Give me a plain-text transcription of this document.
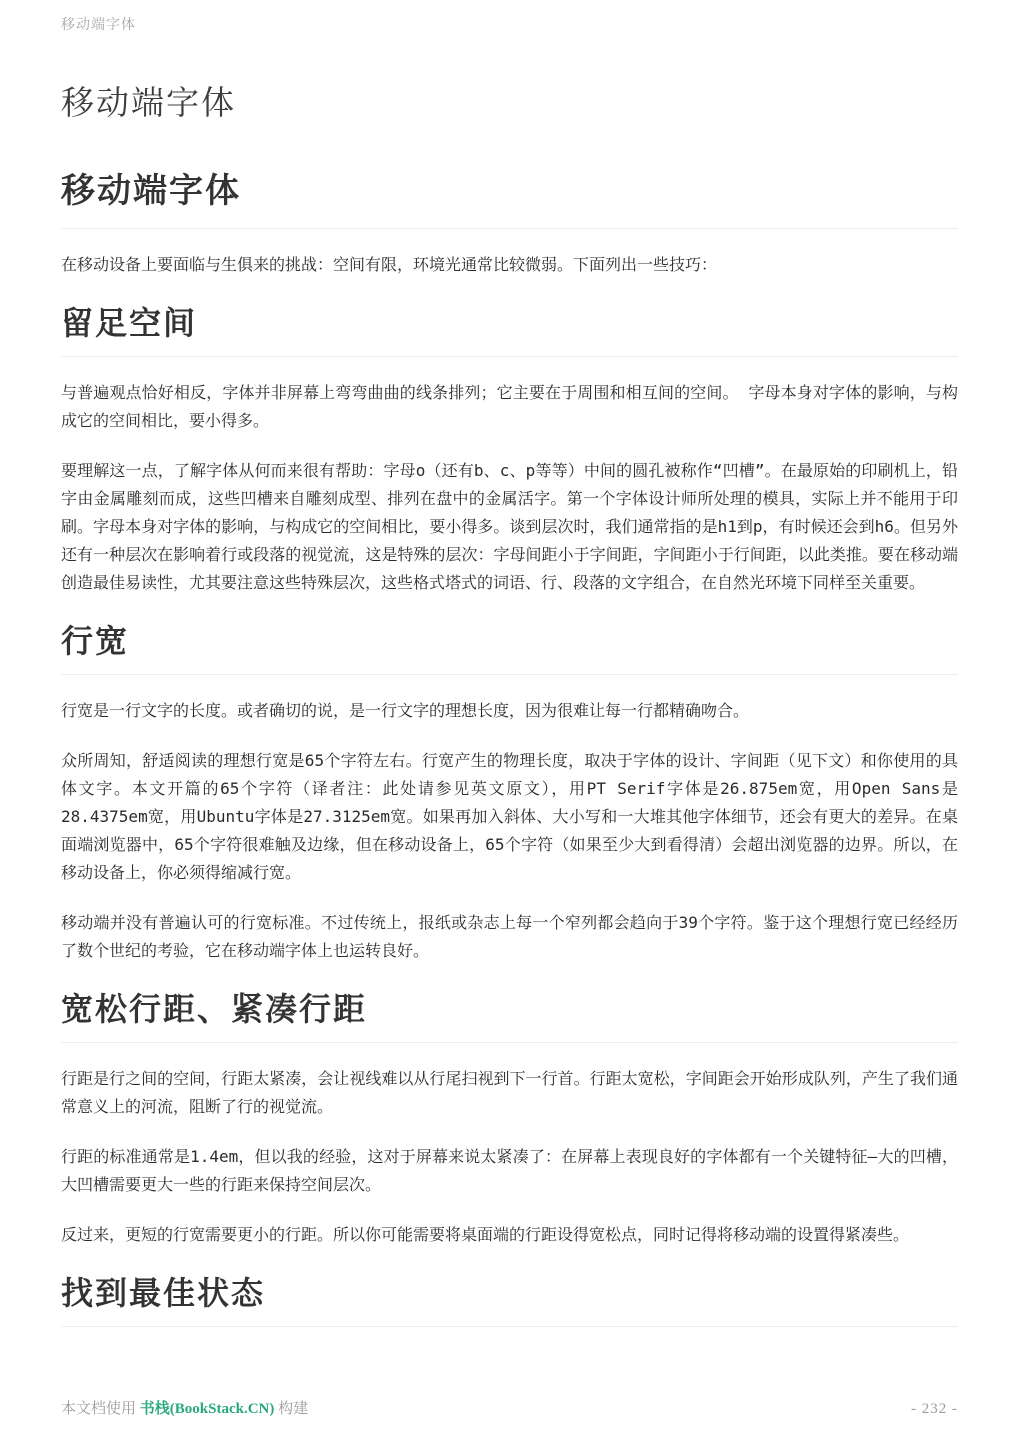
移动端字体
移动端字体
移动端字体
在移动设备上要面临与生俱来的挑战：空间有限，环境光通常比较微弱。下面列出一些技巧：
留足空间
与普遍观点恰好相反，字体并非屏幕上弯弯曲曲的线条排列；它主要在于周围和相互间的空间。 字母本身对字体的影响，与构成它的空间相比，要小得多。
要理解这一点，了解字体从何而来很有帮助：字母o（还有b、c、p等等）中间的圆孔被称作“凹槽”。在最原始的印刷机上，铅字由金属雕刻而成，这些凹槽来自雕刻成型、排列在盘中的金属活字。第一个字体设计师所处理的模具，实际上并不能用于印刷。字母本身对字体的影响，与构成它的空间相比，要小得多。谈到层次时，我们通常指的是h1到p，有时候还会到h6。但另外还有一种层次在影响着行或段落的视觉流，这是特殊的层次：字母间距小于字间距，字间距小于行间距，以此类推。要在移动端创造最佳易读性，尤其要注意这些特殊层次，这些格式塔式的词语、行、段落的文字组合，在自然光环境下同样至关重要。
行宽
行宽是一行文字的长度。或者确切的说，是一行文字的理想长度，因为很难让每一行都精确吻合。
众所周知，舒适阅读的理想行宽是65个字符左右。行宽产生的物理长度，取决于字体的设计、字间距（见下文）和你使用的具体文字。本文开篇的65个字符（译者注：此处请参见英文原文），用PT Serif字体是26.875em宽，用Open Sans是28.4375em宽，用Ubuntu字体是27.3125em宽。如果再加入斜体、大小写和一大堆其他字体细节，还会有更大的差异。在桌面端浏览器中，65个字符很难触及边缘，但在移动设备上，65个字符（如果至少大到看得清）会超出浏览器的边界。所以，在移动设备上，你必须得缩减行宽。
移动端并没有普遍认可的行宽标准。不过传统上，报纸或杂志上每一个窄列都会趋向于39个字符。鉴于这个理想行宽已经经历了数个世纪的考验，它在移动端字体上也运转良好。
宽松行距、紧凑行距
行距是行之间的空间，行距太紧凑，会让视线难以从行尾扫视到下一行首。行距太宽松，字间距会开始形成队列，产生了我们通常意义上的河流，阻断了行的视觉流。
行距的标准通常是1.4em，但以我的经验，这对于屏幕来说太紧凑了：在屏幕上表现良好的字体都有一个关键特征—大的凹槽，大凹槽需要更大一些的行距来保持空间层次。
反过来，更短的行宽需要更小的行距。所以你可能需要将桌面端的行距设得宽松点，同时记得将移动端的设置得紧凑些。
找到最佳状态
本文档使用 书栈(BookStack.CN) 构建	- 232 -
